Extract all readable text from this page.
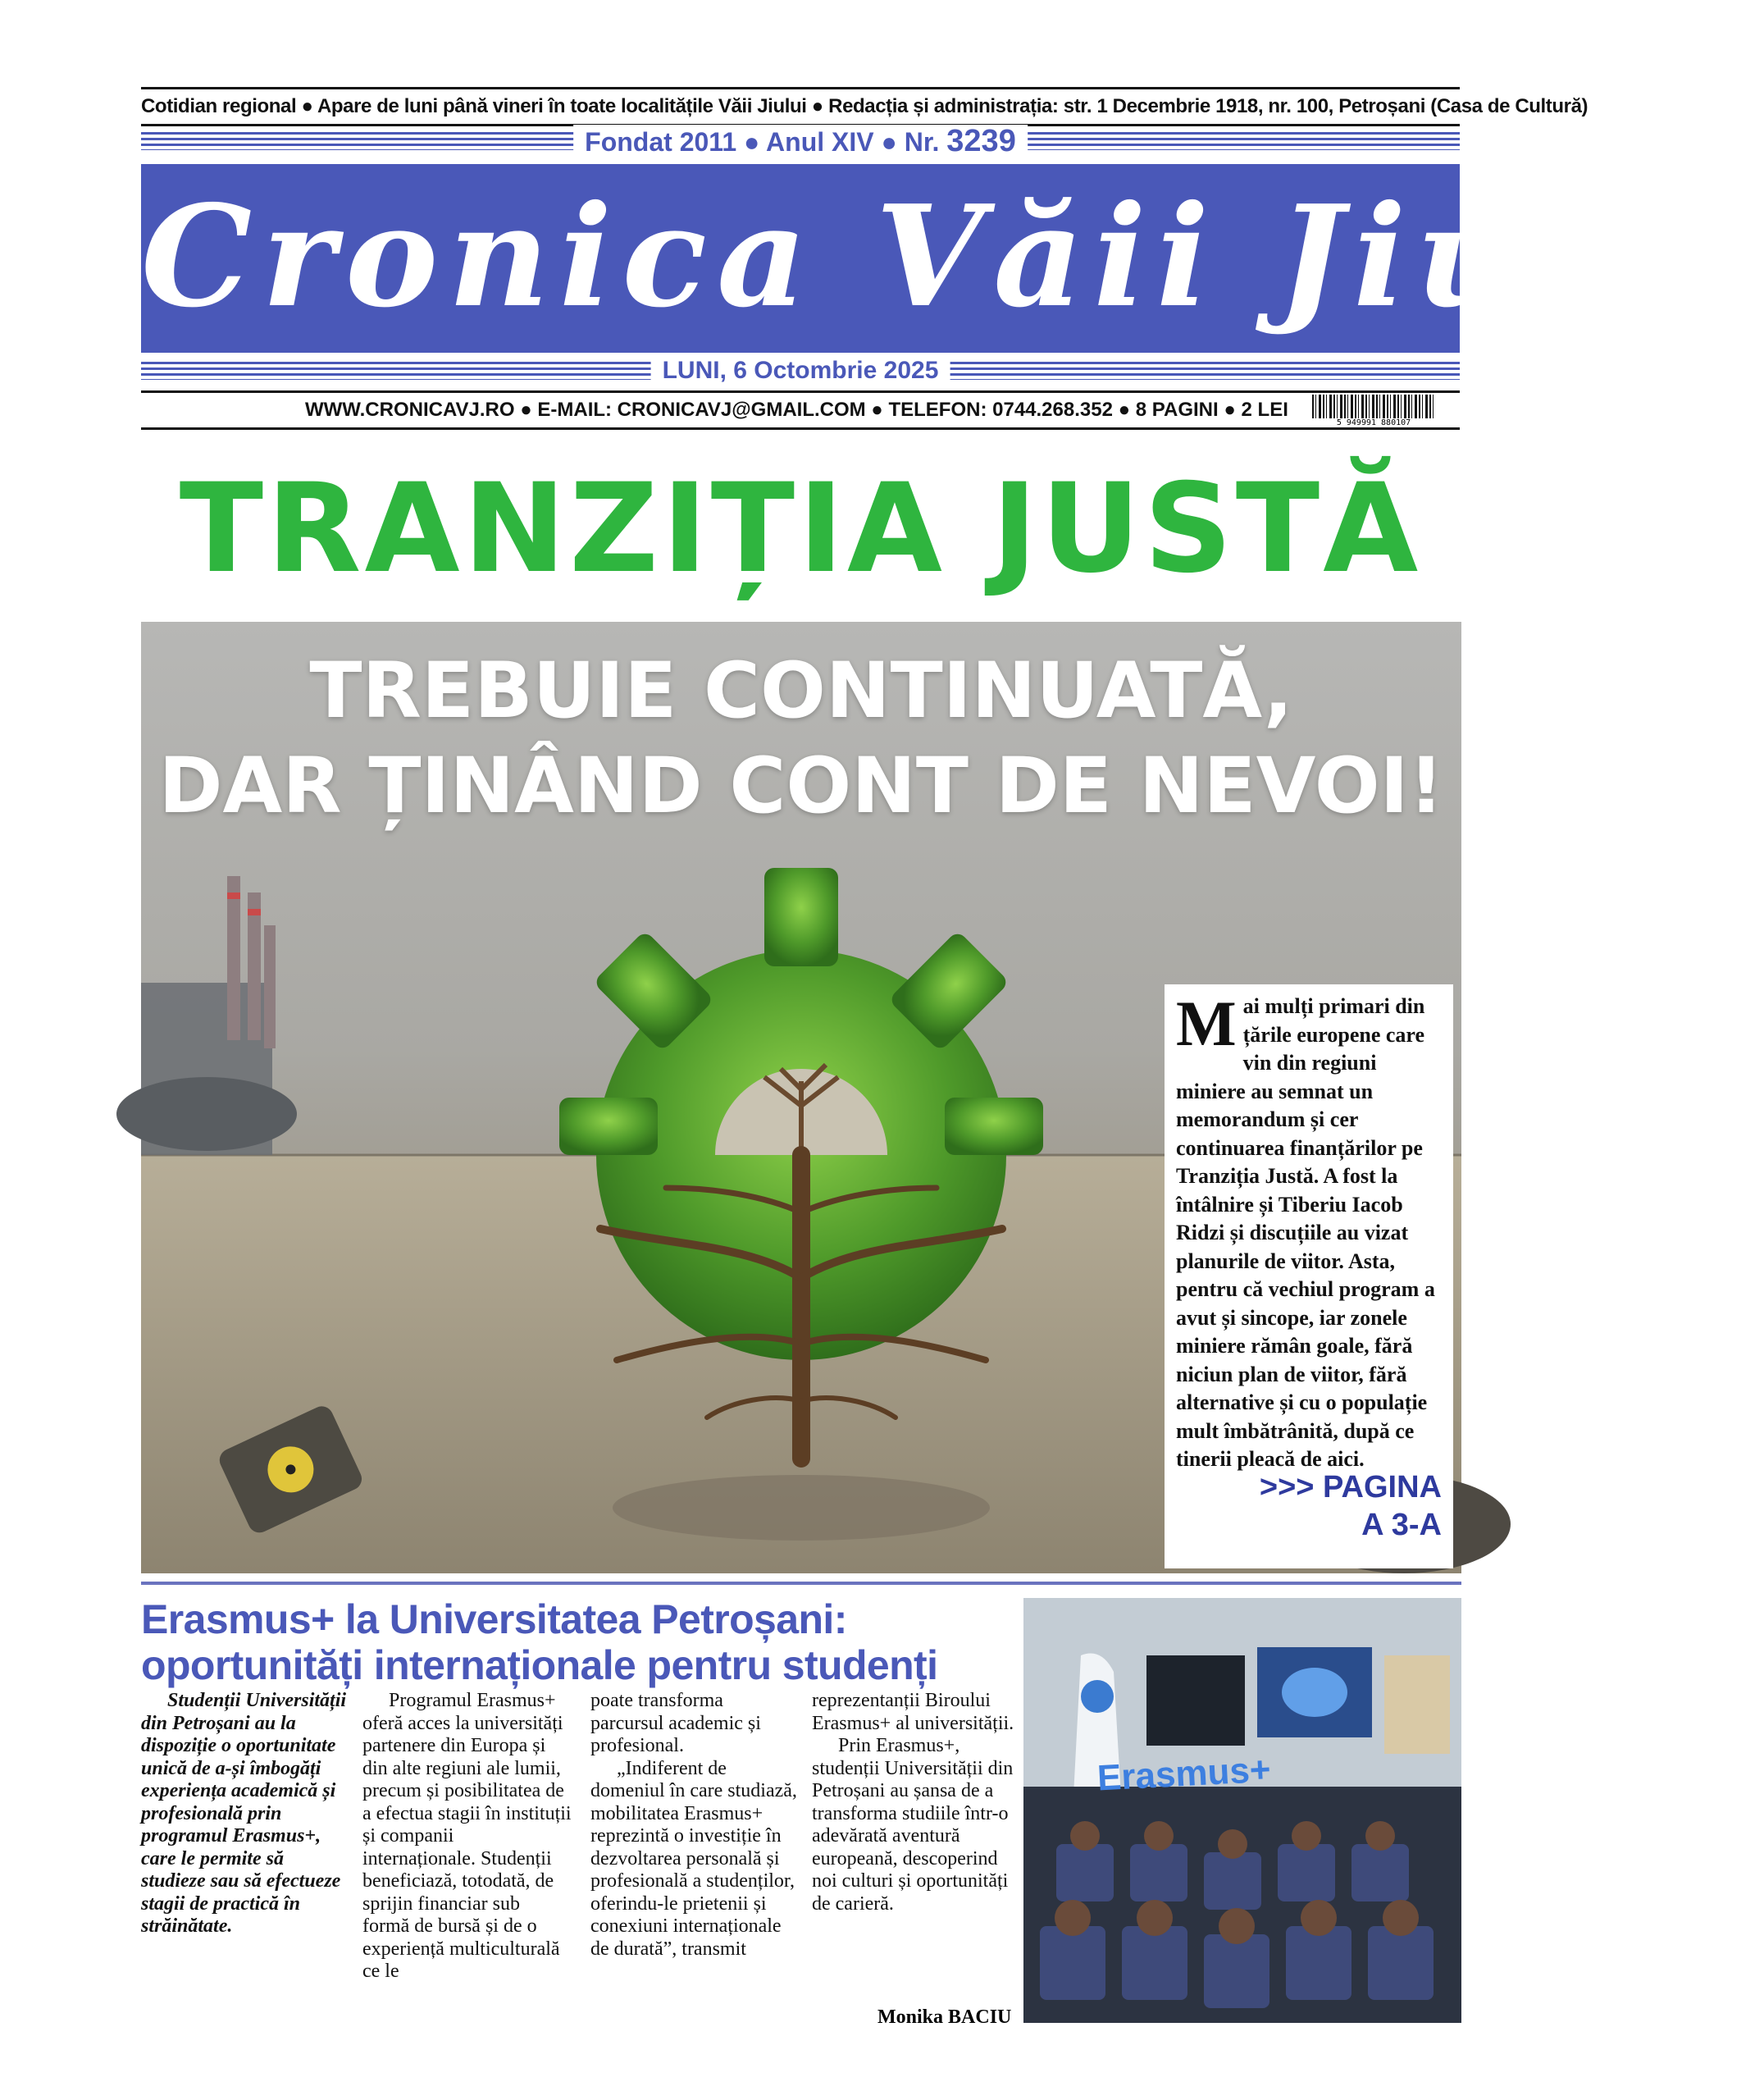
Cotidian regional ● Apare de luni până vineri în toate localitățile Văii Jiului ● Redacția și administrația: str. 1 Decembrie 1918, nr. 100, Petroșani (Casa de Cultură)
Fondat 2011 ● Anul XIV ● Nr. 3239
Cronica Văii Jiului
LUNI, 6 Octombrie 2025
WWW.CRONICAVJ.RO ● E-MAIL: CRONICAVJ@GMAIL.COM ● TELEFON: 0744.268.352 ● 8 PAGINI ● 2 LEI
5 949991 880107
TRANZIȚIA JUSTĂ
TREBUIE CONTINUATĂ,
DAR ȚINÂND CONT DE NEVOI!
Mai mulți primari din țările europene care vin din regiuni miniere au semnat un memorandum și cer continuarea finanțărilor pe Tranziția Justă. A fost la întâlnire și Tiberiu Iacob Ridzi și discuțiile au vizat planurile de viitor. Asta, pentru că vechiul program a avut și sincope, iar zonele miniere rămân goale, fără niciun plan de viitor, fără alternative și cu o populație mult îmbătrânită, după ce tinerii pleacă de aici.
>>> PAGINA
A 3-A
Erasmus+ la Universitatea Petroșani:
oportunități internaționale pentru studenți

Studenții Universității din Petroșani au la dispoziție o oportunitate unică de a-și îmbogăți experiența academică și profesională prin programul Erasmus+, care le permite să studieze sau să efectueze stagii de practică în străinătate.

Programul Erasmus+ oferă acces la universități partenere din Europa și din alte regiuni ale lumii, precum și posibilitatea de a efectua stagii în instituții și companii internaționale. Studenții beneficiază, totodată, de sprijin financiar sub formă de bursă și de o experiență multiculturală ce le

poate transforma parcursul academic și profesional.

„Indiferent de domeniul în care studiază, mobilitatea Erasmus+ reprezintă o investiție în dezvoltarea personală și profesională a studenților, oferindu-le prietenii și conexiuni internaționale de durată”, transmit

reprezentanții Biroului Erasmus+ al universității.

Prin Erasmus+, studenții Universității din Petroșani au șansa de a transforma studiile într-o adevărată aventură europeană, descoperind noi culturi și oportunități de carieră.

Monika BACIU
Erasmus+
